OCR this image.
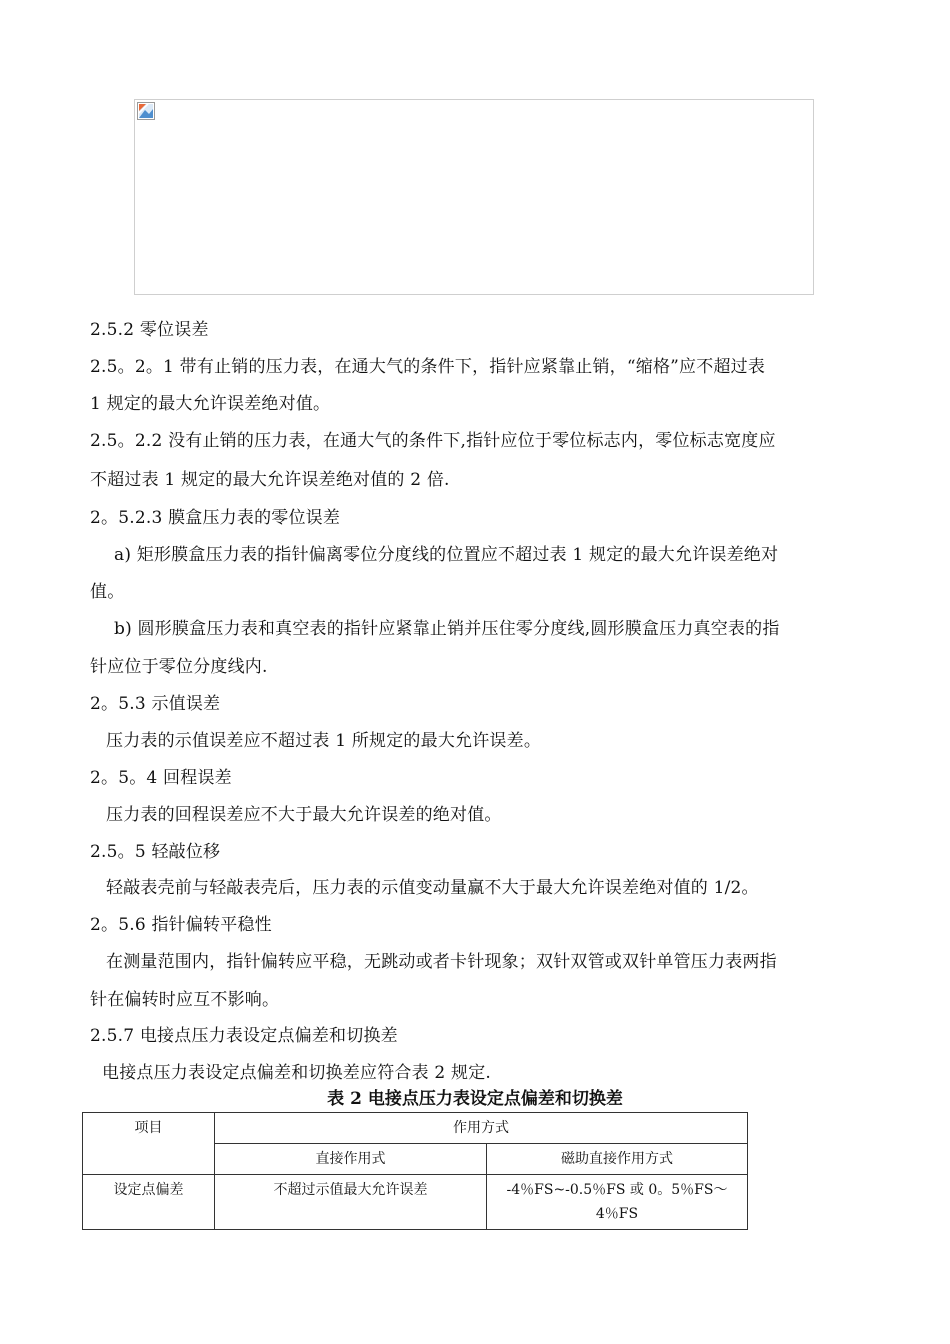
2.5.2 零位误差
2.5。2。1 带有止销的压力表，在通大气的条件下，指针应紧靠止销，“缩格”应不超过表
1 规定的最大允许误差绝对值。
2.5。2.2 没有止销的压力表，在通大气的条件下,指针应位于零位标志内，零位标志宽度应
不超过表 1 规定的最大允许误差绝对值的 2 倍.
2。5.2.3 膜盒压力表的零位误差
a) 矩形膜盒压力表的指针偏离零位分度线的位置应不超过表 1 规定的最大允许误差绝对
值。
b) 圆形膜盒压力表和真空表的指针应紧靠止销并压住零分度线,圆形膜盒压力真空表的指
针应位于零位分度线内.
2。5.3 示值误差
压力表的示值误差应不超过表 1 所规定的最大允许误差。
2。5。4 回程误差
压力表的回程误差应不大于最大允许误差的绝对值。
2.5。5 轻敲位移
轻敲表壳前与轻敲表壳后，压力表的示值变动量赢不大于最大允许误差绝对值的 1/2。
2。5.6 指针偏转平稳性
在测量范围内，指针偏转应平稳，无跳动或者卡针现象；双针双管或双针单管压力表两指
针在偏转时应互不影响。
2.5.7 电接点压力表设定点偏差和切换差
电接点压力表设定点偏差和切换差应符合表 2 规定.
表 2 电接点压力表设定点偏差和切换差
项目	作用方式	
	直接作用式	磁助直接作用方式
设定点偏差	不超过示值最大允许误差	-4％FS~-0.5％FS 或 0。5％FS～
4％FS
